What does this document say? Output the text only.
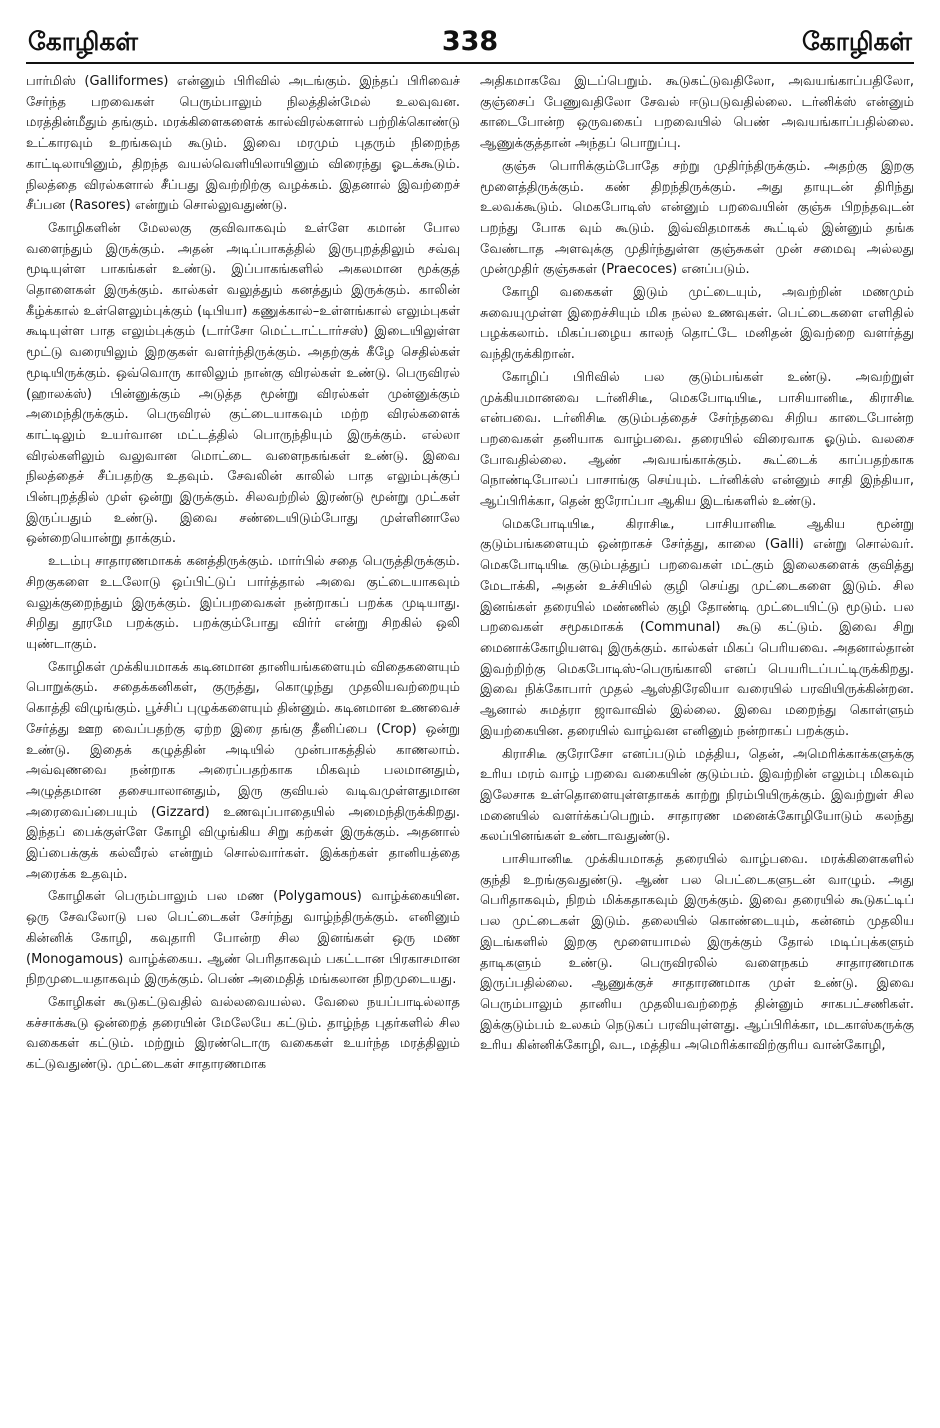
கோழிகள்	338	கோழிகள்

பார்மிஸ் (Galliformes) என்னும் பிரிவில் அடங்கும். இந்தப் பிரிவைச் சேர்ந்த பறவைகள் பெரும்பாலும் நிலத்தின்மேல் உலவுவன. மரத்தின்மீதும் தங்கும். மரக்கிளைகளைக் கால்விரல்களால் பற்றிக்கொண்டு உட்காரவும் உறங்கவும் கூடும். இவை மரமும் புதரும் நிறைந்த காட்டிலாயினும், திறந்த வயல்வெளியிலாயினும் விரைந்து ஓடக்கூடும். நிலத்தை விரல்களால் சீப்பது இவற்றிற்கு வழக்கம். இதனால் இவற்றைச் சீப்பன (Rasores) என்றும் சொல்லுவதுண்டு.

கோழிகளின் மேலலகு குவிவாகவும் உள்ளே கமான் போல வளைந்தும் இருக்கும். அதன் அடிப்பாகத்தில் இருபுறத்திலும் சவ்வு மூடியுள்ள பாகங்கள் உண்டு. இப்பாகங்களில் அகலமான மூக்குத் தொளைகள் இருக்கும். கால்கள் வலுத்தும் கனத்தும் இருக்கும். காலின் கீழ்க்கால் உள்ளெலும்புக்கும் (டிபியா) கணுக்கால்–உள்ளங்கால் எலும்புகள் கூடியுள்ள பாத எலும்புக்கும் (டார்சோ மெட்டாட்டார்சஸ்) இடையிலுள்ள மூட்டு வரையிலும் இறகுகள் வளர்ந்திருக்கும். அதற்குக் கீழே செதில்கள் மூடியிருக்கும். ஒவ்வொரு காலிலும் நான்கு விரல்கள் உண்டு. பெருவிரல் (ஹாலக்ஸ்) பின்னுக்கும் அடுத்த மூன்று விரல்கள் முன்னுக்கும் அமைந்திருக்கும். பெருவிரல் குட்டையாகவும் மற்ற விரல்களைக் காட்டிலும் உயர்வான மட்டத்தில் பொருந்தியும் இருக்கும். எல்லா விரல்களிலும் வலுவான மொட்டை வளைநகங்கள் உண்டு. இவை நிலத்தைச் சீப்பதற்கு உதவும். சேவலின் காலில் பாத எலும்புக்குப் பின்புறத்தில் முள் ஒன்று இருக்கும். சிலவற்றில் இரண்டு மூன்று முட்கள் இருப்பதும் உண்டு. இவை சண்டையிடும்போது முள்ளினாலே ஒன்றையொன்று தாக்கும்.

உடம்பு சாதாரணமாகக் கனத்திருக்கும். மார்பில் சதை பெருத்திருக்கும். சிறகுகளை உடலோடு ஒப்பிட்டுப் பார்த்தால் அவை குட்டையாகவும் வலுக்குறைந்தும் இருக்கும். இப்பறவைகள் நன்றாகப் பறக்க முடியாது. சிறிது தூரமே பறக்கும். பறக்கும்போது விர்ர் என்று சிறகில் ஒலி யுண்டாகும்.

கோழிகள் முக்கியமாகக் கடினமான தானியங்களையும் விதைகளையும் பொறுக்கும். சதைக்கனிகள், குருத்து, கொழுந்து முதலியவற்றையும் கொத்தி விழுங்கும். பூச்சிப் புழுக்களையும் தின்னும். கடினமான உணவைச் சேர்த்து ஊற வைப்பதற்கு ஏற்ற இரை தங்கு தீனிப்பை (Crop) ஒன்று உண்டு. இதைக் கழுத்தின் அடியில் முன்பாகத்தில் காணலாம். அவ்வுணவை நன்றாக அரைப்பதற்காக மிகவும் பலமானதும், அழுத்தமான தசையாலானதும், இரு குவியல் வடிவமுள்ளதுமான அரைவைப்பையும் (Gizzard) உணவுப்பாதையில் அமைந்திருக்கிறது. இந்தப் பைக்குள்ளே கோழி விழுங்கிய சிறு கற்கள் இருக்கும். அதனால் இப்பைக்குக் கல்வீரல் என்றும் சொல்வார்கள். இக்கற்கள் தானியத்தை அரைக்க உதவும்.

கோழிகள் பெரும்பாலும் பல மண (Polygamous) வாழ்க்கையின. ஒரு சேவலோடு பல பெட்டைகள் சேர்ந்து வாழ்ந்திருக்கும். எனினும் கின்னிக் கோழி, கவுதாரி போன்ற சில இனங்கள் ஒரு மண (Monogamous) வாழ்க்கைய. ஆண் பெரிதாகவும் பகட்டான பிரகாசமான நிறமுடையதாகவும் இருக்கும். பெண் அமைதித் மங்கலான நிறமுடையது.

கோழிகள் கூடுகட்டுவதில் வல்லவையல்ல. வேலை நயப்பாடில்லாத கச்சாக்கூடு ஒன்றைத் தரையின் மேலேயே கட்டும். தாழ்ந்த புதர்களில் சில வகைகள் கட்டும். மற்றும் இரண்டொரு வகைகள் உயர்ந்த மரத்திலும் கட்டுவதுண்டு. முட்டைகள் சாதாரணமாக

அதிகமாகவே இடப்பெறும். கூடுகட்டுவதிலோ, அவயங்காப்பதிலோ, குஞ்சைப் பேணுவதிலோ சேவல் ஈடுபடுவதில்லை. டர்னிக்ஸ் என்னும் காடைபோன்ற ஒருவகைப் பறவையில் பெண் அவயங்காப்பதில்லை. ஆணுக்குத்தான் அந்தப் பொறுப்பு.

குஞ்சு பொரிக்கும்போதே சற்று முதிர்ந்திருக்கும். அதற்கு இறகு மூளைத்திருக்கும். கண் திறந்திருக்கும். அது தாயுடன் திரிந்து உலவக்கூடும். மெகபோடிஸ் என்னும் பறவையின் குஞ்சு பிறந்தவுடன் பறந்து போக வும் கூடும். இவ்விதமாகக் கூட்டில் இன்னும் தங்க வேண்டாத அளவுக்கு முதிர்ந்துள்ள குஞ்சுகள் முன் சமைவு அல்லது முன்முதிர் குஞ்சுகள் (Praecoces) எனப்படும்.

கோழி வகைகள் இடும் முட்டையும், அவற்றின் மணமும் சுவையுமுள்ள இறைச்சியும் மிக நல்ல உணவுகள். பெட்டைகளை எளிதில் பழக்கலாம். மிகப்பழைய காலந் தொட்டே மனிதன் இவற்றை வளர்த்து வந்திருக்கிறான்.

கோழிப் பிரிவில் பல குடும்பங்கள் உண்டு. அவற்றுள் முக்கியமானவை டர்னிசிடீ, மெகபோடியிடீ, பாசியானிடீ, கிராசிடீ என்பவை. டர்னிசிடீ குடும்பத்தைச் சேர்ந்தவை சிறிய காடைபோன்ற பறவைகள் தனியாக வாழ்பவை. தரையில் விரைவாக ஓடும். வலசை போவதில்லை. ஆண் அவயங்காக்கும். கூட்டைக் காப்பதற்காக நொண்டிபோலப் பாசாங்கு செய்யும். டர்னிக்ஸ் என்னும் சாதி இந்தியா, ஆப்பிரிக்கா, தென் ஐரோப்பா ஆகிய இடங்களில் உண்டு.

மெகபோடியிடீ, கிராசிடீ, பாசியானிடீ ஆகிய மூன்று குடும்பங்களையும் ஒன்றாகச் சேர்த்து, காலை (Galli) என்று சொல்வர். மெகபோடியிடீ குடும்பத்துப் பறவைகள் மட்கும் இலைகளைக் குவித்து மேடாக்கி, அதன் உச்சியில் குழி செய்து முட்டைகளை இடும். சில இனங்கள் தரையில் மண்ணில் குழி தோண்டி முட்டையிட்டு மூடும். பல பறவைகள் சமூகமாகக் (Communal) கூடு கட்டும். இவை சிறு மைனாக்கோழியளவு இருக்கும். கால்கள் மிகப் பெரியவை. அதனால்தான் இவற்றிற்கு மெகபோடிஸ்-பெருங்காலி எனப் பெயரிடப்பட்டிருக்கிறது. இவை நிக்கோபார் முதல் ஆஸ்திரேலியா வரையில் பரவியிருக்கின்றன. ஆனால் சுமத்ரா ஜாவாவில் இல்லை. இவை மறைந்து கொள்ளும் இயற்கையின. தரையில் வாழ்வன எனினும் நன்றாகப் பறக்கும்.

கிராசிடீ குரோசோ எனப்படும் மத்திய, தென், அமெரிக்காக்களுக்கு உரிய மரம் வாழ் பறவை வகையின் குடும்பம். இவற்றின் எலும்பு மிகவும் இலேசாக உள்தொளையுள்ளதாகக் காற்று நிரம்பியிருக்கும். இவற்றுள் சில மனையில் வளர்க்கப்பெறும். சாதாரண மனைக்கோழியோடும் கலந்து கலப்பினங்கள் உண்டாவதுண்டு.

பாசியானிடீ முக்கியமாகத் தரையில் வாழ்பவை. மரக்கிளைகளில் குந்தி உறங்குவதுண்டு. ஆண் பல பெட்டைகளுடன் வாழும். அது பெரிதாகவும், நிறம் மிக்கதாகவும் இருக்கும். இவை தரையில் கூடுகட்டிப் பல முட்டைகள் இடும். தலையில் கொண்டையும், கன்னம் முதலிய இடங்களில் இறகு மூளையாமல் இருக்கும் தோல் மடிப்புக்களும் தாடிகளும் உண்டு. பெருவிரலில் வளைநகம் சாதாரணமாக இருப்பதில்லை. ஆணுக்குச் சாதாரணமாக முள் உண்டு. இவை பெரும்பாலும் தானிய முதலியவற்றைத் தின்னும் சாகபட்சணிகள். இக்குடும்பம் உலகம் நெடுகப் பரவியுள்ளது. ஆப்பிரிக்கா, மடகாஸ்கருக்கு உரிய கின்னிக்கோழி, வட, மத்திய அமெரிக்காவிற்குரிய வான்கோழி,
